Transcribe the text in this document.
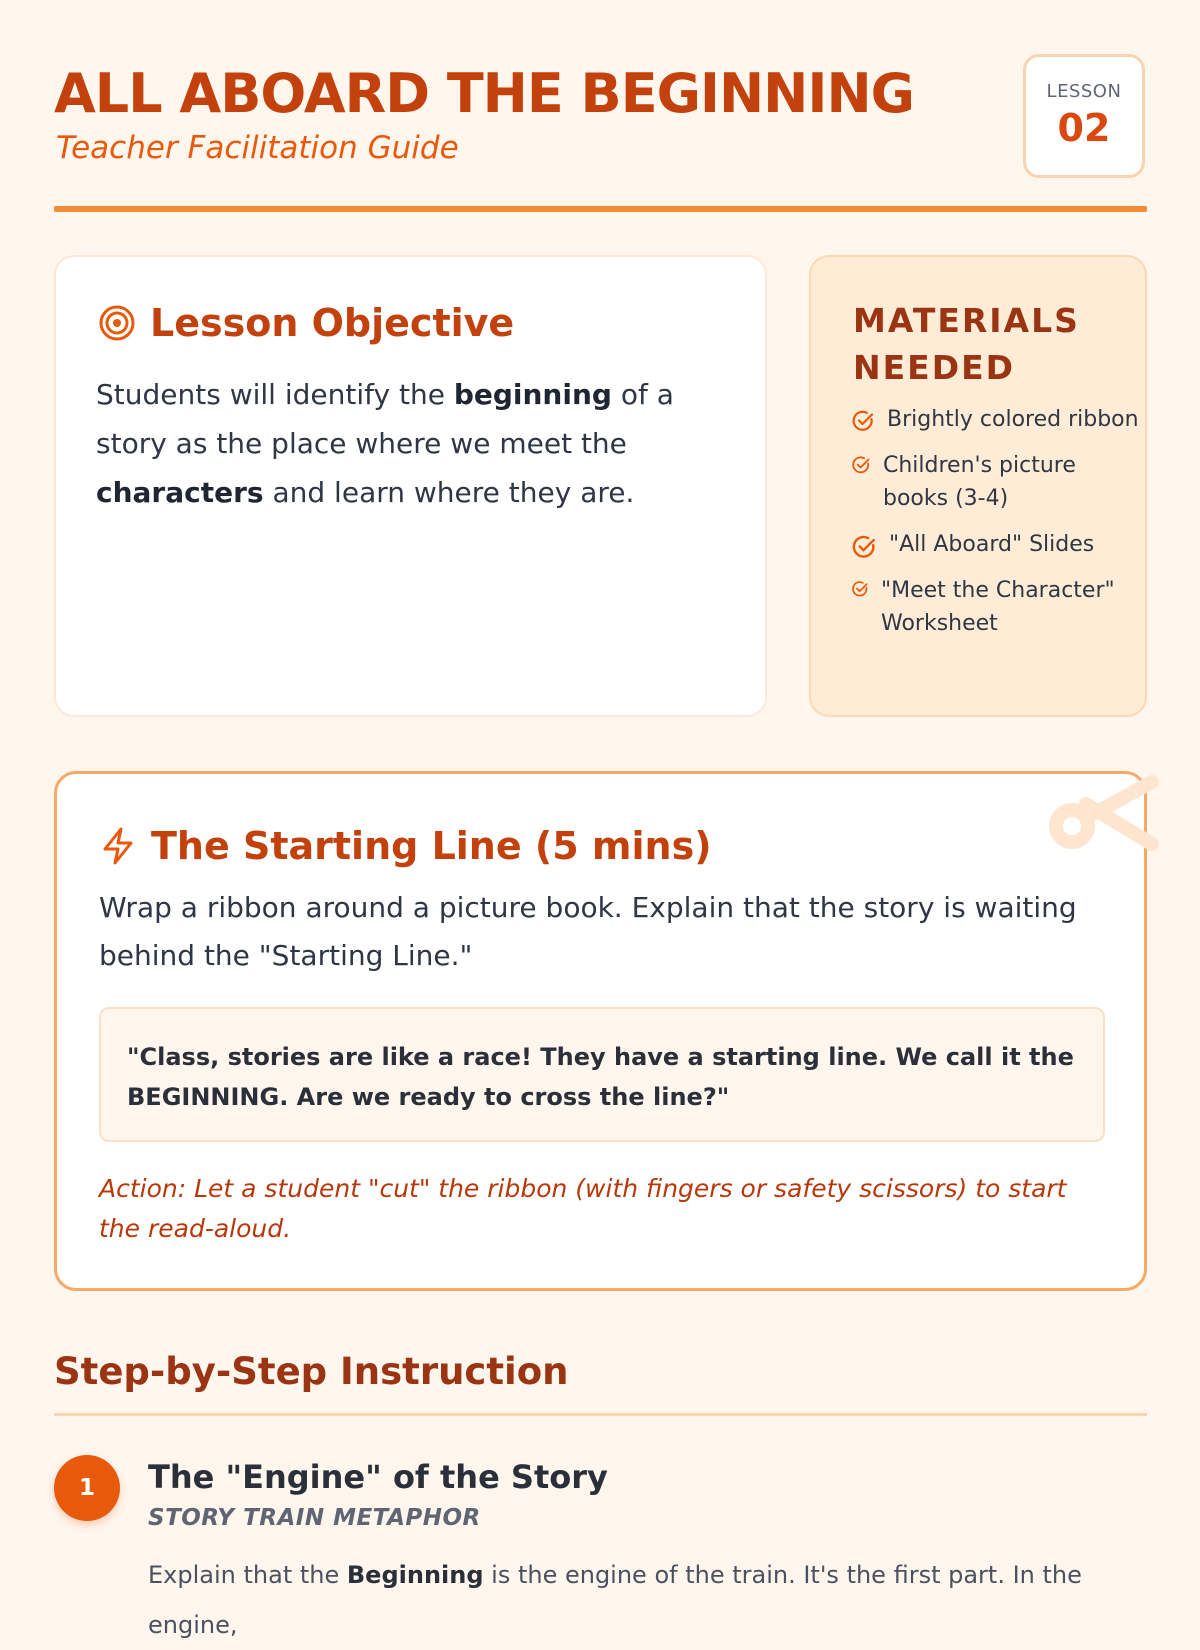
ALL ABOARD THE BEGINNING
Teacher Facilitation Guide
LESSON
02
Lesson Objective

Students will identify the beginning of a story as the place where we meet the characters and learn where they are.

MATERIALS NEEDED
Brightly colored ribbon
Children's picture books (3-4)
"All Aboard" Slides
"Meet the Character" Worksheet
The Starting Line (5 mins)

Wrap a ribbon around a picture book. Explain that the story is waiting behind the "Starting Line."

"Class, stories are like a race! They have a starting line. We call it the BEGINNING. Are we ready to cross the line?"

Action: Let a student "cut" the ribbon (with fingers or safety scissors) to start the read-aloud.

Step-by-Step Instruction
1	The "Engine" of the Story
STORY TRAIN METAPHOR

Explain that the Beginning is the engine of the train. It's the first part. In the engine,
